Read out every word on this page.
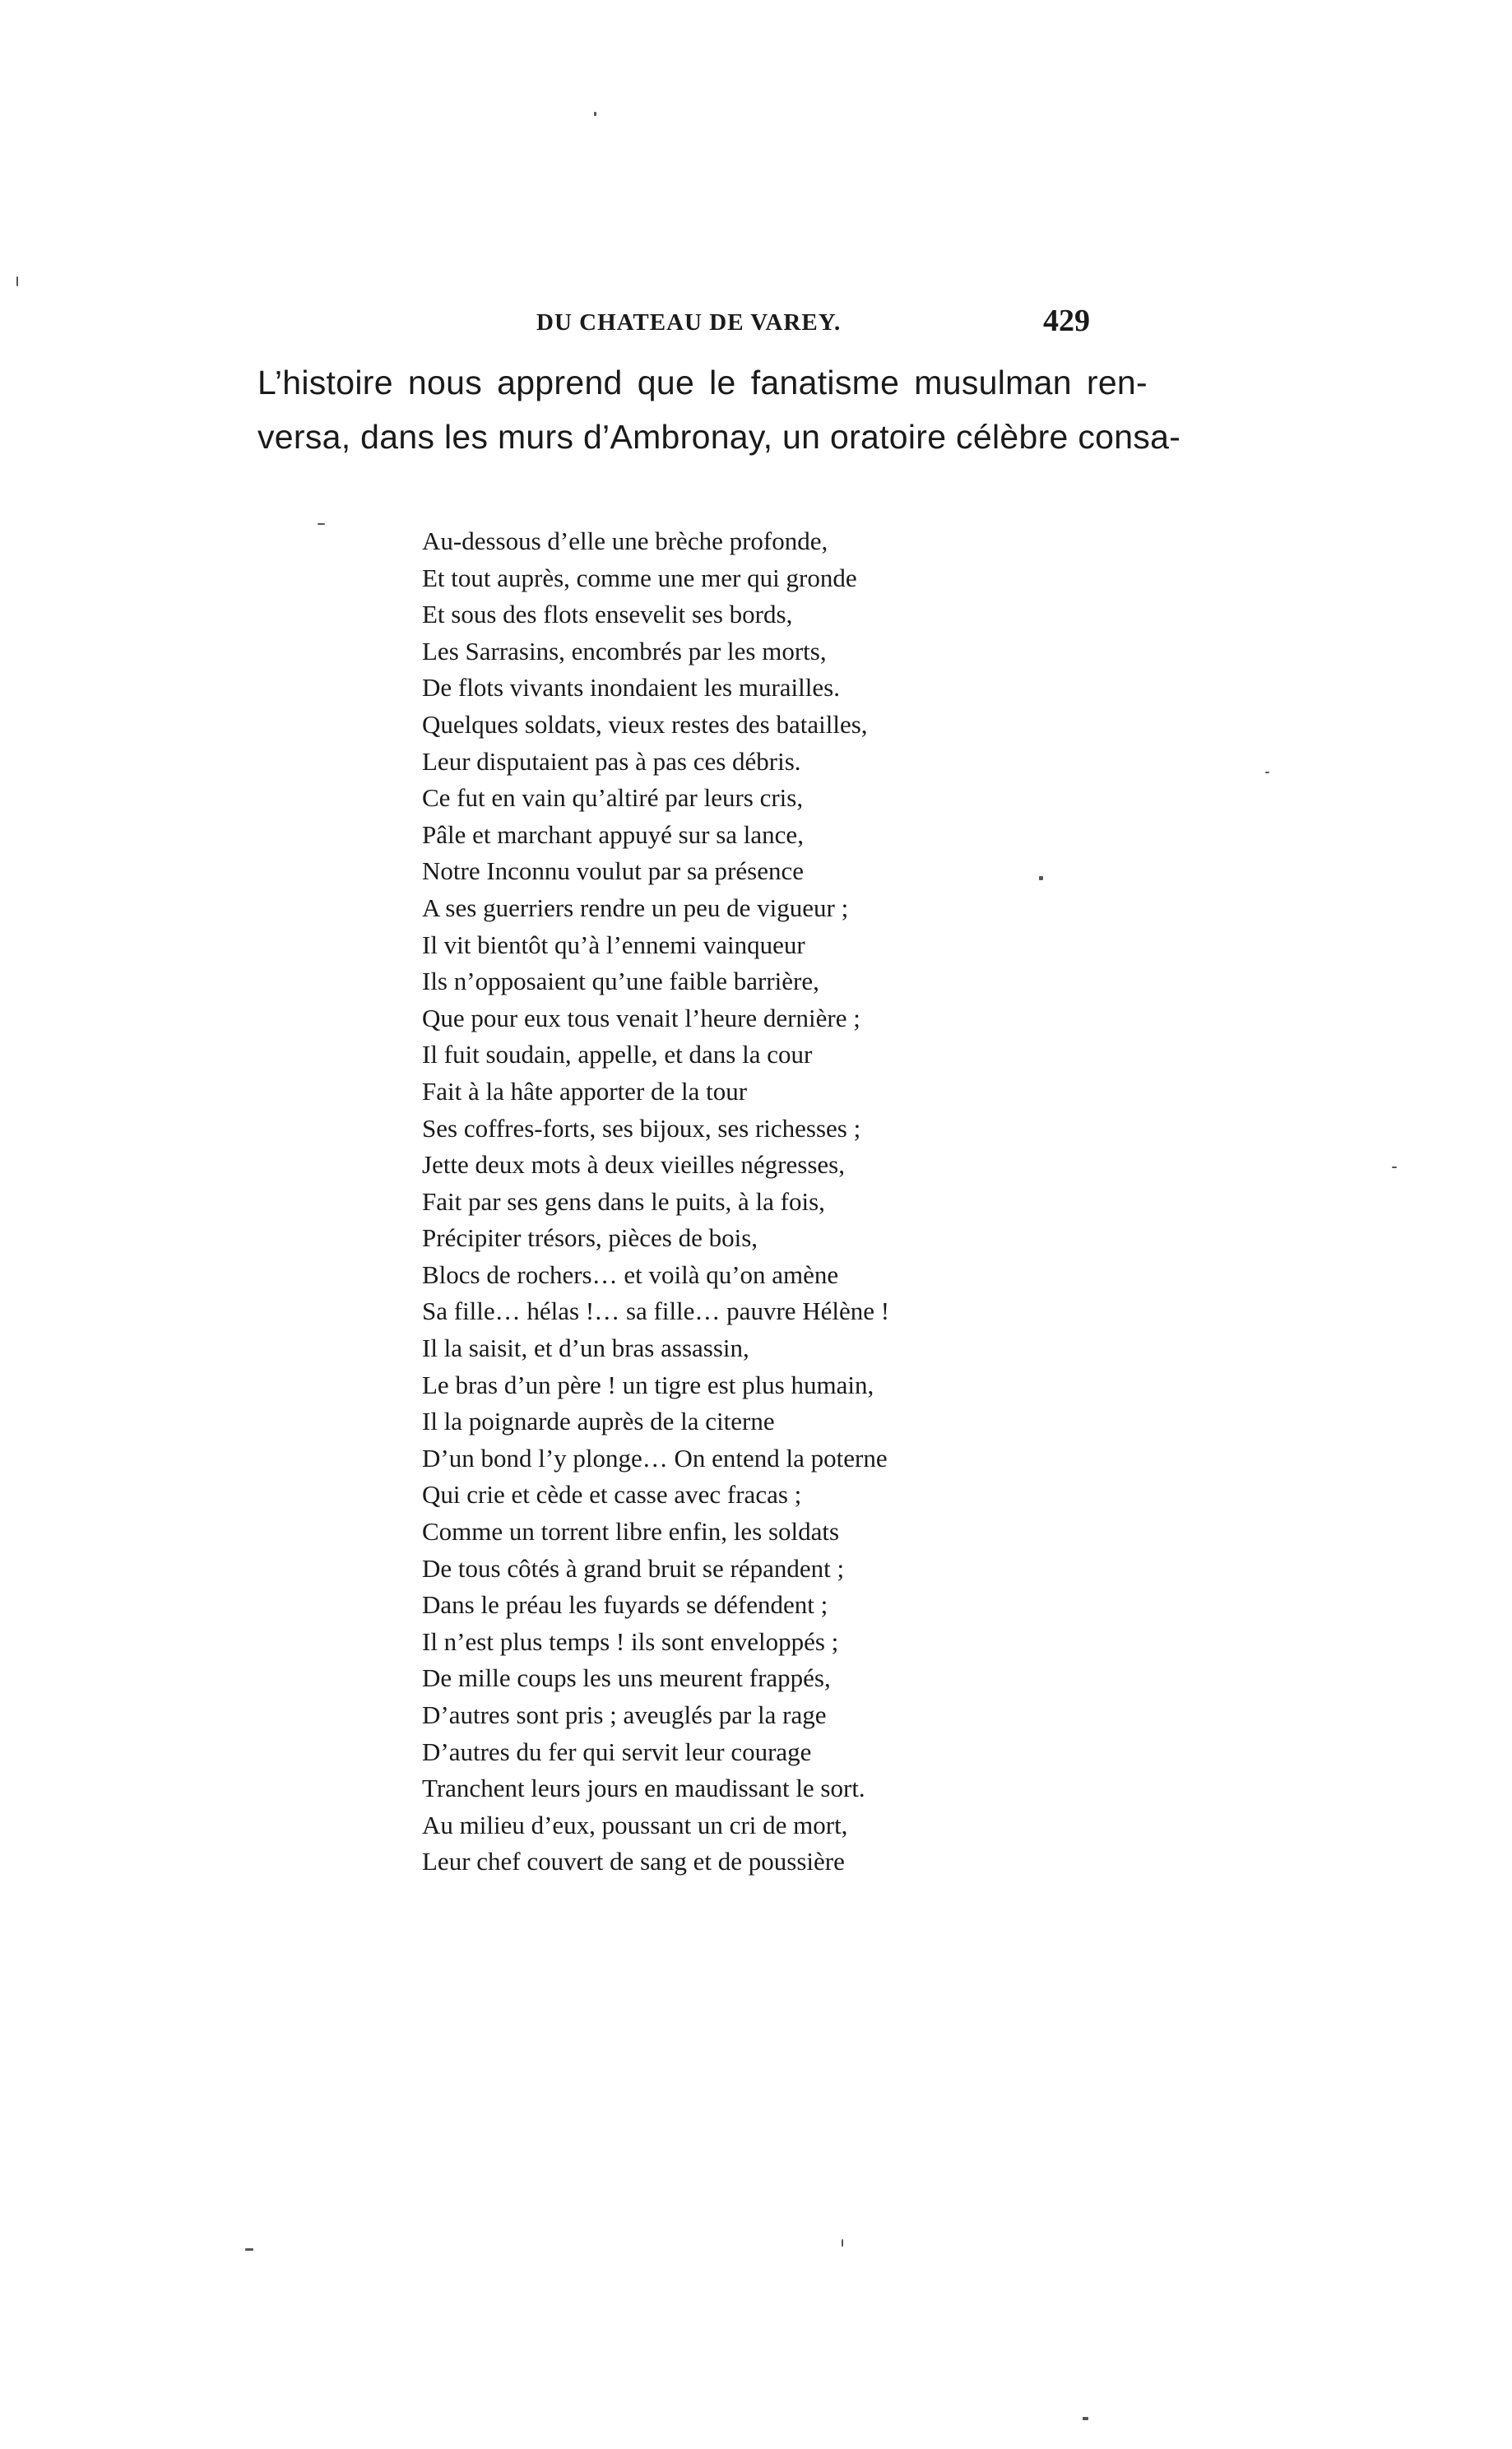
DU CHATEAU DE VAREY.	429
L’histoire nous apprend que le fanatisme musulman ren-
versa, dans les murs d’Ambronay, un oratoire célèbre consa-
Au-dessous d’elle une brèche profonde,
Et tout auprès, comme une mer qui gronde
Et sous des flots ensevelit ses bords,
Les Sarrasins, encombrés par les morts,
De flots vivants inondaient les murailles.
Quelques soldats, vieux restes des batailles,
Leur disputaient pas à pas ces débris.
Ce fut en vain qu’altiré par leurs cris,
Pâle et marchant appuyé sur sa lance,
Notre Inconnu voulut par sa présence
A ses guerriers rendre un peu de vigueur ;
Il vit bientôt qu’à l’ennemi vainqueur
Ils n’opposaient qu’une faible barrière,
Que pour eux tous venait l’heure dernière ;
Il fuit soudain, appelle, et dans la cour
Fait à la hâte apporter de la tour
Ses coffres-forts, ses bijoux, ses richesses ;
Jette deux mots à deux vieilles négresses,
Fait par ses gens dans le puits, à la fois,
Précipiter trésors, pièces de bois,
Blocs de rochers… et voilà qu’on amène
Sa fille… hélas !… sa fille… pauvre Hélène !
Il la saisit, et d’un bras assassin,
Le bras d’un père ! un tigre est plus humain,
Il la poignarde auprès de la citerne
D’un bond l’y plonge… On entend la poterne
Qui crie et cède et casse avec fracas ;
Comme un torrent libre enfin, les soldats
De tous côtés à grand bruit se répandent ;
Dans le préau les fuyards se défendent ;
Il n’est plus temps ! ils sont enveloppés ;
De mille coups les uns meurent frappés,
D’autres sont pris ; aveuglés par la rage
D’autres du fer qui servit leur courage
Tranchent leurs jours en maudissant le sort.
Au milieu d’eux, poussant un cri de mort,
Leur chef couvert de sang et de poussière
